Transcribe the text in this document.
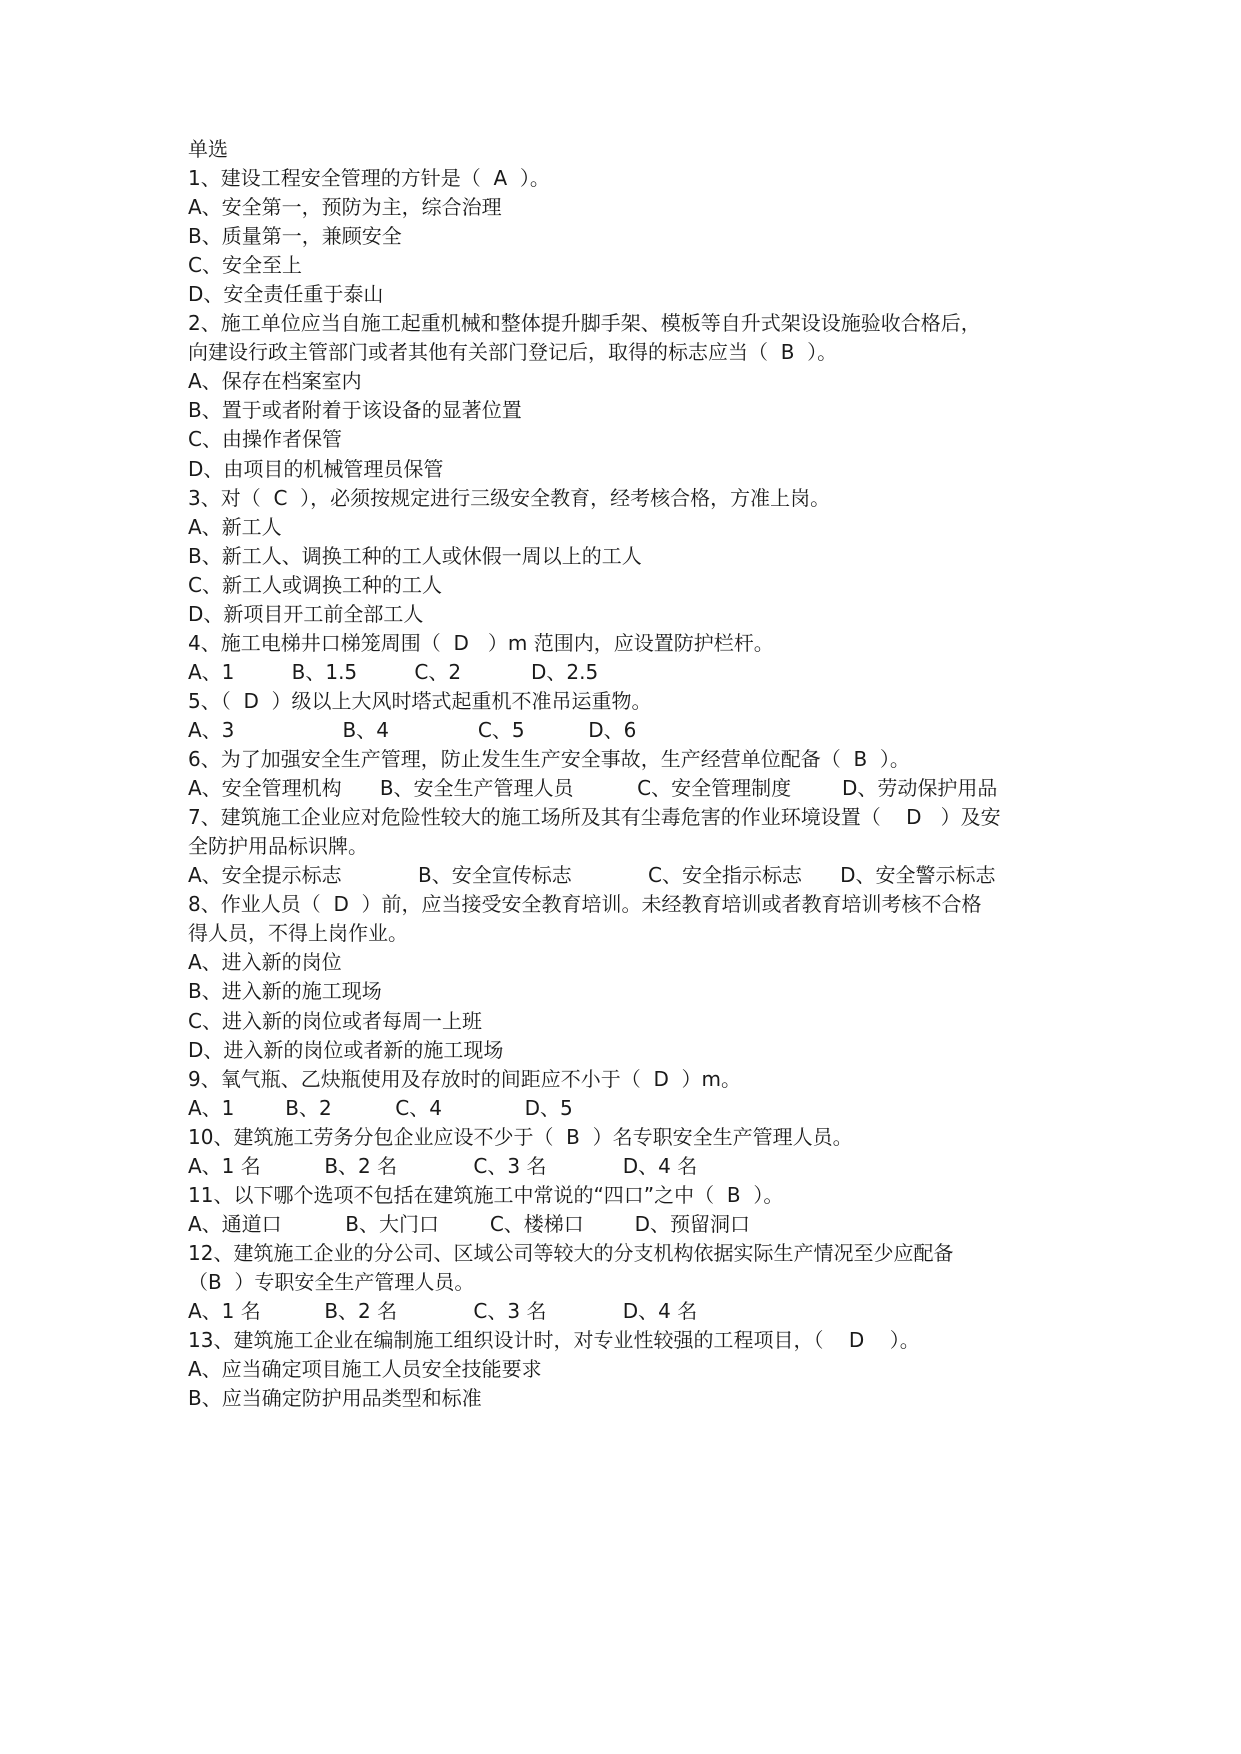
单选
1、建设工程安全管理的方针是（  A  ）。
A、安全第一，预防为主，综合治理
B、质量第一，兼顾安全
C、安全至上
D、安全责任重于泰山
2、施工单位应当自施工起重机械和整体提升脚手架、模板等自升式架设设施验收合格后，
向建设行政主管部门或者其他有关部门登记后，取得的标志应当（  B  ）。
A、保存在档案室内
B、置于或者附着于该设备的显著位置
C、由操作者保管
D、由项目的机械管理员保管
3、对（  C  ），必须按规定进行三级安全教育，经考核合格，方准上岗。
A、新工人
B、新工人、调换工种的工人或休假一周以上的工人
C、新工人或调换工种的工人
D、新项目开工前全部工人
4、施工电梯井口梯笼周围（  D   ）m 范围内，应设置防护栏杆。
A、1         B、1.5         C、2           D、2.5
5、（  D  ）级以上大风时塔式起重机不准吊运重物。
A、3                 B、4              C、5          D、6
6、为了加强安全生产管理，防止发生生产安全事故，生产经营单位配备（  B  ）。
A、安全管理机构      B、安全生产管理人员          C、安全管理制度        D、劳动保护用品
7、建筑施工企业应对危险性较大的施工场所及其有尘毒危害的作业环境设置（    D   ）及安
全防护用品标识牌。
A、安全提示标志            B、安全宣传标志            C、安全指示标志      D、安全警示标志
8、作业人员（  D  ）前，应当接受安全教育培训。未经教育培训或者教育培训考核不合格
得人员，不得上岗作业。
A、进入新的岗位
B、进入新的施工现场
C、进入新的岗位或者每周一上班
D、进入新的岗位或者新的施工现场
9、氧气瓶、乙炔瓶使用及存放时的间距应不小于（  D  ）m。
A、1        B、2          C、4             D、5
10、建筑施工劳务分包企业应设不少于（  B  ）名专职安全生产管理人员。
A、1 名          B、2 名            C、3 名            D、4 名
11、以下哪个选项不包括在建筑施工中常说的“四口”之中（  B  ）。
A、通道口          B、大门口        C、楼梯口        D、预留洞口
12、建筑施工企业的分公司、区域公司等较大的分支机构依据实际生产情况至少应配备
（B  ）专职安全生产管理人员。
A、1 名          B、2 名            C、3 名            D、4 名
13、建筑施工企业在编制施工组织设计时，对专业性较强的工程项目，（    D    ）。
A、应当确定项目施工人员安全技能要求
B、应当确定防护用品类型和标准
